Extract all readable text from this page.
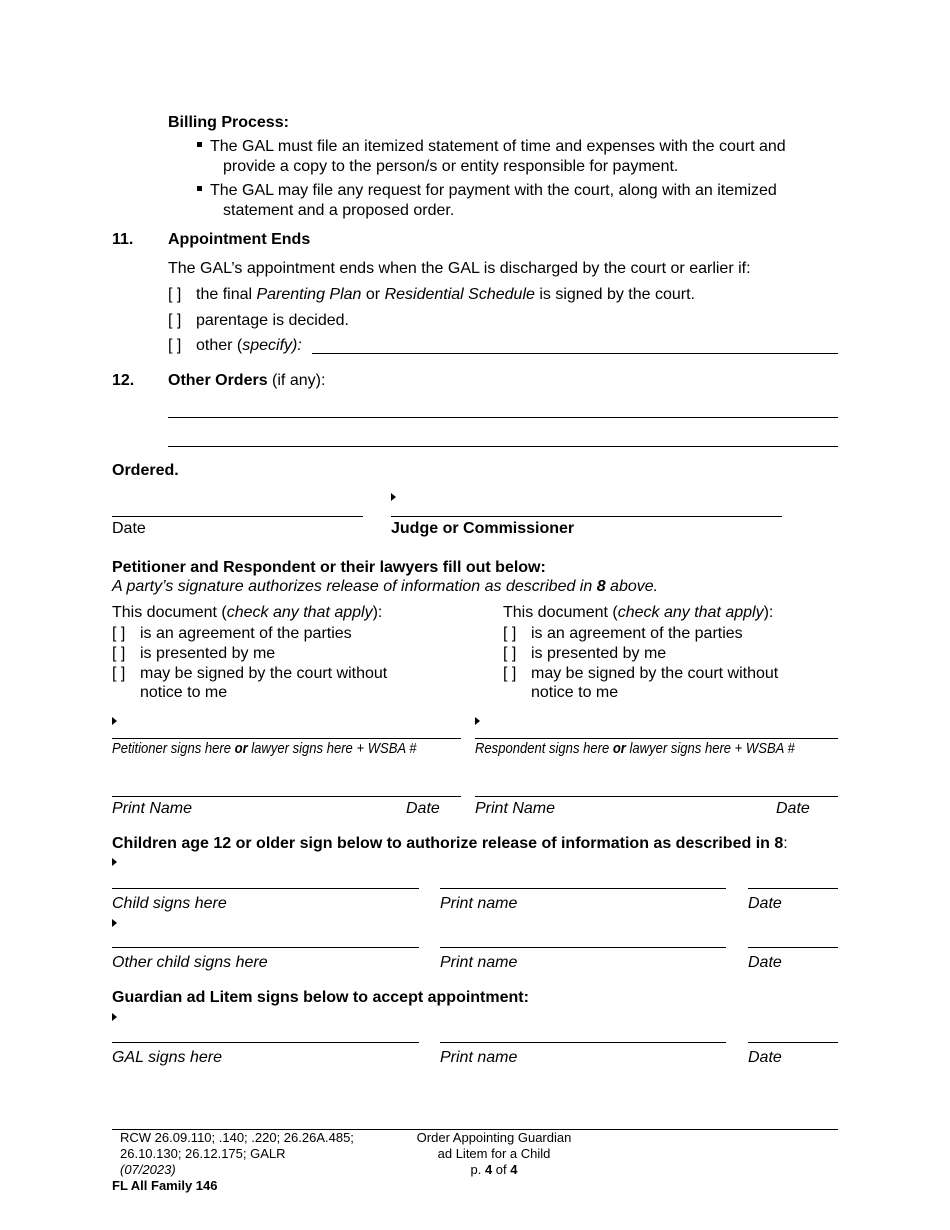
Billing Process:
The GAL must file an itemized statement of time and expenses with the court and
provide a copy to the person/s or entity responsible for payment.
The GAL may file any request for payment with the court, along with an itemized
statement and a proposed order.
11. Appointment Ends
The GAL’s appointment ends when the GAL is discharged by the court or earlier if:
[ ] the final Parenting Plan or Residential Schedule is signed by the court.
[ ] parentage is decided.
[ ] other (specify):
12. Other Orders (if any):
Ordered.
Date	Judge or Commissioner
Petitioner and Respondent or their lawyers fill out below:
A party’s signature authorizes release of information as described in 8 above.
This document (check any that apply):
[ ] is an agreement of the parties
[ ] is presented by me
[ ] may be signed by the court without
notice to me
Petitioner signs here or lawyer signs here + WSBA #
Print Name	Date
This document (check any that apply):
[ ] is an agreement of the parties
[ ] is presented by me
[ ] may be signed by the court without
notice to me
Respondent signs here or lawyer signs here + WSBA #
Print Name	Date
Children age 12 or older sign below to authorize release of information as described in 8:
Child signs here	Print name	Date
Other child signs here	Print name	Date
Guardian ad Litem signs below to accept appointment:
GAL signs here	Print name	Date
RCW 26.09.110; .140; .220; 26.26A.485;
26.10.130; 26.12.175; GALR
(07/2023)
FL All Family 146
Order Appointing Guardian
ad Litem for a Child
p. 4 of 4
